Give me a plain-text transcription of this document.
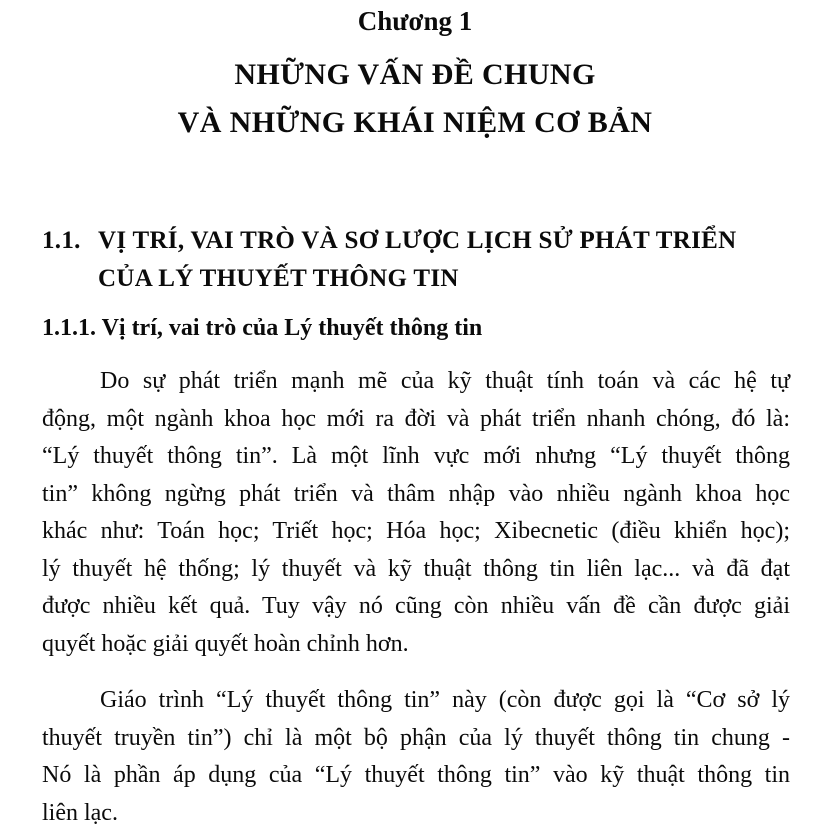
Chương 1
NHỮNG VẤN ĐỀ CHUNG
VÀ NHỮNG KHÁI NIỆM CƠ BẢN
1.1. VỊ TRÍ, VAI TRÒ VÀ SƠ LƯỢC LỊCH SỬ PHÁT TRIỂN
CỦA LÝ THUYẾT THÔNG TIN
1.1.1. Vị trí, vai trò của Lý thuyết thông tin
Do sự phát triển mạnh mẽ của kỹ thuật tính toán và các hệ tự
động, một ngành khoa học mới ra đời và phát triển nhanh chóng, đó là:
“Lý thuyết thông tin”. Là một lĩnh vực mới nhưng “Lý thuyết thông
tin” không ngừng phát triển và thâm nhập vào nhiều ngành khoa học
khác như: Toán học; Triết học; Hóa học; Xibecnetic (điều khiển học);
lý thuyết hệ thống; lý thuyết và kỹ thuật thông tin liên lạc... và đã đạt
được nhiều kết quả. Tuy vậy nó cũng còn nhiều vấn đề cần được giải
quyết hoặc giải quyết hoàn chỉnh hơn.
Giáo trình “Lý thuyết thông tin” này (còn được gọi là “Cơ sở lý
thuyết truyền tin”) chỉ là một bộ phận của lý thuyết thông tin chung -
Nó là phần áp dụng của “Lý thuyết thông tin” vào kỹ thuật thông tin
liên lạc.
